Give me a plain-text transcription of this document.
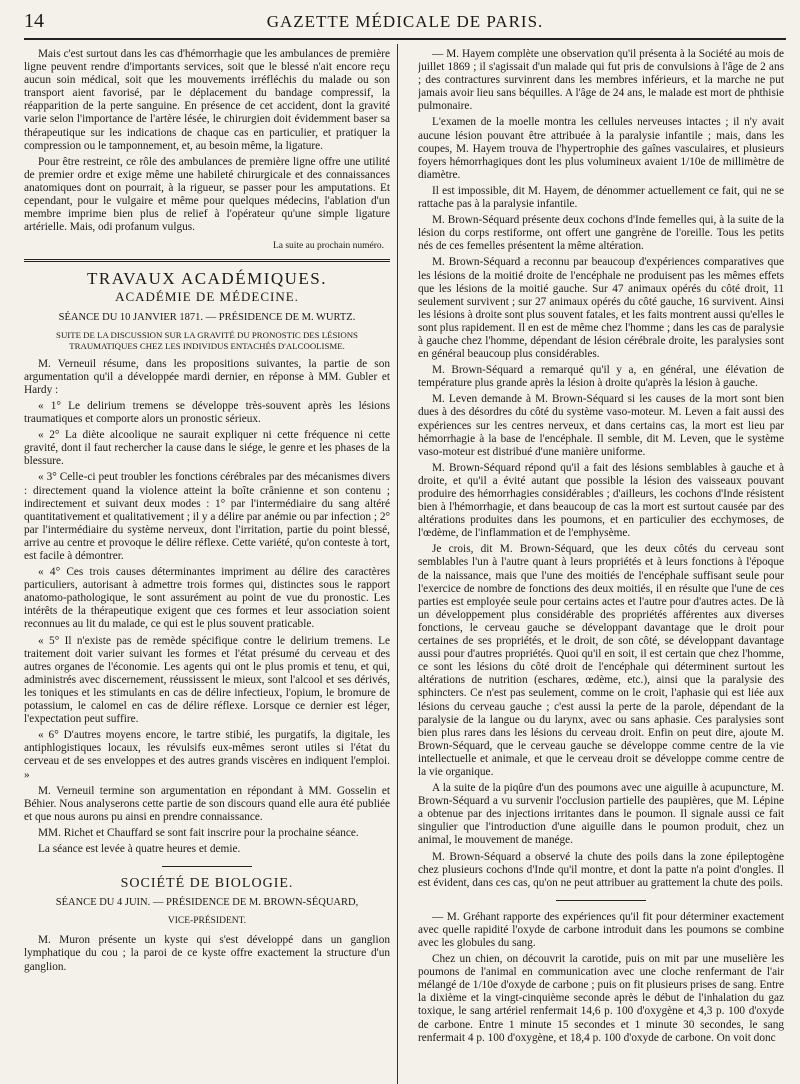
14	GAZETTE MÉDICALE DE PARIS.

Mais c'est surtout dans les cas d'hémorrhagie que les ambulances de première ligne peuvent rendre d'importants services, soit que le blessé n'ait encore reçu aucun soin médical, soit que les mouvements irréfléchis du malade ou son transport aient favorisé, par le déplacement du bandage compressif, la réapparition de la perte sanguine. En présence de cet accident, dont la gravité varie selon l'importance de l'artère lésée, le chirurgien doit évidemment baser sa thérapeutique sur les indications de chaque cas en particulier, et pratiquer la compression ou le tamponnement, et, au besoin même, la ligature.

Pour être restreint, ce rôle des ambulances de première ligne offre une utilité de premier ordre et exige même une habileté chirurgicale et des connaissances anatomiques dont on pourrait, à la rigueur, se passer pour les amputations. Et cependant, pour le vulgaire et même pour quelques médecins, l'ablation d'un membre imprime bien plus de relief à l'opérateur qu'une simple ligature artérielle. Mais, odi profanum vulgus.

La suite au prochain numéro.

TRAVAUX ACADÉMIQUES.

ACADÉMIE DE MÉDECINE.

SÉANCE DU 10 JANVIER 1871. — PRÉSIDENCE DE M. WURTZ.

SUITE DE LA DISCUSSION SUR LA GRAVITÉ DU PRONOSTIC DES LÉSIONS TRAUMATIQUES CHEZ LES INDIVIDUS ENTACHÉS D'ALCOOLISME.

M. Verneuil résume, dans les propositions suivantes, la partie de son argumentation qu'il a développée mardi dernier, en réponse à MM. Gubler et Hardy :

« 1° Le delirium tremens se développe très-souvent après les lésions traumatiques et comporte alors un pronostic sérieux.

« 2° La diète alcoolique ne saurait expliquer ni cette fréquence ni cette gravité, dont il faut rechercher la cause dans le siége, le genre et les phases de la blessure.

« 3° Celle-ci peut troubler les fonctions cérébrales par des mécanismes divers : directement quand la violence atteint la boîte crânienne et son contenu ; indirectement et suivant deux modes : 1° par l'intermédiaire du sang altéré quantitativement et qualitativement ; il y a délire par anémie ou par infection ; 2° par l'intermédiaire du système nerveux, dont l'irritation, partie du point blessé, arrive au centre et provoque le délire réflexe. Cette variété, qu'on conteste à tort, est facile à démontrer.

« 4° Ces trois causes déterminantes impriment au délire des caractères particuliers, autorisant à admettre trois formes qui, distinctes sous le rapport anatomo-pathologique, le sont assurément au point de vue du pronostic. Les intérêts de la thérapeutique exigent que ces formes et leur association soient reconnues au lit du malade, ce qui est le plus souvent praticable.

« 5° Il n'existe pas de remède spécifique contre le delirium tremens. Le traitement doit varier suivant les formes et l'état présumé du cerveau et des autres organes de l'économie. Les agents qui ont le plus promis et tenu, et qui, administrés avec discernement, réussissent le mieux, sont l'alcool et ses dérivés, les toniques et les stimulants en cas de délire infectieux, l'opium, le bromure de potassium, le calomel en cas de délire réflexe. Lorsque ce dernier est léger, l'expectation peut suffire.

« 6° D'autres moyens encore, le tartre stibié, les purgatifs, la digitale, les antiphlogistiques locaux, les révulsifs eux-mêmes seront utiles si l'état du cerveau et de ses enveloppes et des autres grands viscères en indiquent l'emploi. »

M. Verneuil termine son argumentation en répondant à MM. Gosselin et Béhier. Nous analyserons cette partie de son discours quand elle aura été publiée et que nous aurons pu ainsi en prendre connaissance.

MM. Richet et Chauffard se sont fait inscrire pour la prochaine séance.

La séance est levée à quatre heures et demie.

SOCIÉTÉ DE BIOLOGIE.

SÉANCE DU 4 JUIN. — PRÉSIDENCE DE M. BROWN-SÉQUARD,

VICE-PRÉSIDENT.

M. Muron présente un kyste qui s'est développé dans un ganglion lymphatique du cou ; la paroi de ce kyste offre exactement la structure d'un ganglion.

— M. Hayem complète une observation qu'il présenta à la Société au mois de juillet 1869 ; il s'agissait d'un malade qui fut pris de convulsions à l'âge de 2 ans ; des contractures survinrent dans les membres inférieurs, et la marche ne put jamais avoir lieu sans béquilles. A l'âge de 24 ans, le malade est mort de phthisie pulmonaire.

L'examen de la moelle montra les cellules nerveuses intactes ; il n'y avait aucune lésion pouvant être attribuée à la paralysie infantile ; mais, dans les coupes, M. Hayem trouva de l'hypertrophie des gaînes vasculaires, et plusieurs foyers hémorrhagiques dont les plus volumineux avaient 1/10e de millimètre de diamètre.

Il est impossible, dit M. Hayem, de dénommer actuellement ce fait, qui ne se rattache pas à la paralysie infantile.

M. Brown-Séquard présente deux cochons d'Inde femelles qui, à la suite de la lésion du corps restiforme, ont offert une gangrène de l'oreille. Tous les petits nés de ces femelles présentent la même altération.

M. Brown-Séquard a reconnu par beaucoup d'expériences comparatives que les lésions de la moitié droite de l'encéphale ne produisent pas les mêmes effets que les lésions de la moitié gauche. Sur 47 animaux opérés du côté droit, 11 seulement survivent ; sur 27 animaux opérés du côté gauche, 16 survivent. Ainsi les lésions à droite sont plus souvent fatales, et les faits montrent aussi qu'elles le sont plus rapidement. Il en est de même chez l'homme ; dans les cas de paralysie à gauche chez l'homme, dépendant de lésion cérébrale droite, les paralysies sont en général beaucoup plus considérables.

M. Brown-Séquard a remarqué qu'il y a, en général, une élévation de température plus grande après la lésion à droite qu'après la lésion à gauche.

M. Leven demande à M. Brown-Séquard si les causes de la mort sont bien dues à des désordres du côté du système vaso-moteur. M. Leven a fait aussi des expériences sur les centres nerveux, et dans certains cas, la mort est lieu par hémorrhagie à la base de l'encéphale. Il semble, dit M. Leven, que le système vaso-moteur est distribué d'une manière uniforme.

M. Brown-Séquard répond qu'il a fait des lésions semblables à gauche et à droite, et qu'il a évité autant que possible la lésion des vaisseaux pouvant produire des hémorrhagies considérables ; d'ailleurs, les cochons d'Inde résistent bien à l'hémorrhagie, et dans beaucoup de cas la mort est surtout causée par des altérations produites dans les poumons, et en particulier des ecchymoses, de l'œdème, de l'inflammation et de l'emphysème.

Je crois, dit M. Brown-Séquard, que les deux côtés du cerveau sont semblables l'un à l'autre quant à leurs propriétés et à leurs fonctions à l'époque de la naissance, mais que l'une des moitiés de l'encéphale suffisant seule pour l'exercice de nombre de fonctions des deux moitiés, il en résulte que l'une de ces parties est employée seule pour certains actes et l'autre pour d'autres actes. De là un développement plus considérable des propriétés afférentes aux diverses fonctions, le cerveau gauche se développant davantage que le droit pour certaines de ses propriétés, et le droit, de son côté, se développant davantage aussi pour d'autres propriétés. Quoi qu'il en soit, il est certain que chez l'homme, ce sont les lésions du côté droit de l'encéphale qui déterminent surtout les altérations de nutrition (eschares, œdème, etc.), ainsi que la paralysie des sphincters. Ce n'est pas seulement, comme on le croit, l'aphasie qui est liée aux lésions du cerveau gauche ; c'est aussi la perte de la parole, dépendant de la paralysie de la langue ou du larynx, avec ou sans aphasie. Ces paralysies sont bien plus rares dans les lésions du cerveau droit. Enfin on peut dire, ajoute M. Brown-Séquard, que le cerveau gauche se développe comme centre de la vie intellectuelle et animale, et que le cerveau droit se développe comme centre de la vie organique.

A la suite de la piqûre d'un des poumons avec une aiguille à acupuncture, M. Brown-Séquard a vu survenir l'occlusion partielle des paupières, que M. Lépine a obtenue par des injections irritantes dans le poumon. Il signale aussi ce fait singulier que l'introduction d'une aiguille dans le poumon produit, chez un animal, le mouvement de manége.

M. Brown-Séquard a observé la chute des poils dans la zone épileptogène chez plusieurs cochons d'Inde qu'il montre, et dont la patte n'a point d'ongles. Il est évident, dans ces cas, qu'on ne peut attribuer au grattement la chute des poils.

— M. Gréhant rapporte des expériences qu'il fit pour déterminer exactement avec quelle rapidité l'oxyde de carbone introduit dans les poumons se combine avec les globules du sang.

Chez un chien, on découvrit la carotide, puis on mit par une muselière les poumons de l'animal en communication avec une cloche renfermant de l'air mélangé de 1/10e d'oxyde de carbone ; puis on fit plusieurs prises de sang. Entre la dixième et la vingt-cinquième seconde après le début de l'inhalation du gaz toxique, le sang artériel renfermait 14,6 p. 100 d'oxygène et 4,3 p. 100 d'oxyde de carbone. Entre 1 minute 15 secondes et 1 minute 30 secondes, le sang renfermait 4 p. 100 d'oxygène, et 18,4 p. 100 d'oxyde de carbone. On voit donc
